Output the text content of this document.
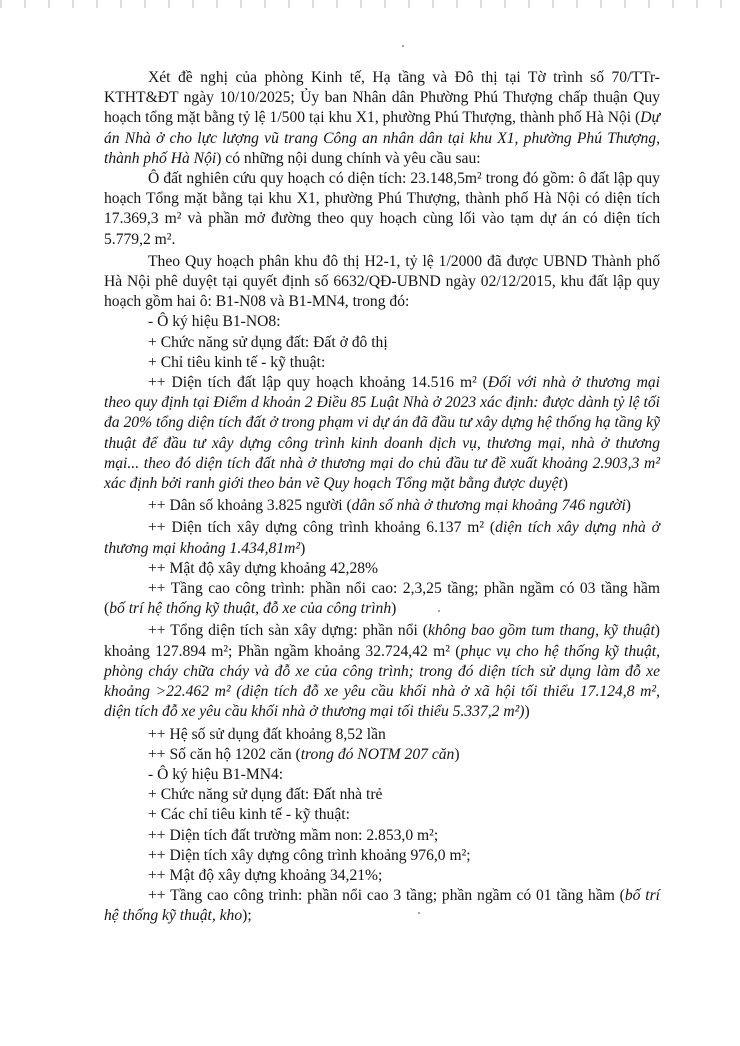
Xét đề nghị của phòng Kinh tế, Hạ tầng và Đô thị tại Tờ trình số 70/TTr-KTHT&ĐT ngày 10/10/2025; Ủy ban Nhân dân Phường Phú Thượng chấp thuận Quy hoạch tổng mặt bằng tỷ lệ 1/500 tại khu X1, phường Phú Thượng, thành phố Hà Nội (Dự án Nhà ở cho lực lượng vũ trang Công an nhân dân tại khu X1, phường Phú Thượng, thành phố Hà Nội) có những nội dung chính và yêu cầu sau:

Ô đất nghiên cứu quy hoạch có diện tích: 23.148,5m² trong đó gồm: ô đất lập quy hoạch Tổng mặt bằng tại khu X1, phường Phú Thượng, thành phố Hà Nội có diện tích 17.369,3 m² và phần mở đường theo quy hoạch cùng lối vào tạm dự án có diện tích 5.779,2 m².

Theo Quy hoạch phân khu đô thị H2-1, tỷ lệ 1/2000 đã được UBND Thành phố Hà Nội phê duyệt tại quyết định số 6632/QĐ-UBND ngày 02/12/2015, khu đất lập quy hoạch gồm hai ô: B1-N08 và B1-MN4, trong đó:

- Ô ký hiệu B1-NO8:

+ Chức năng sử dụng đất: Đất ở đô thị

+ Chỉ tiêu kinh tế - kỹ thuật:

++ Diện tích đất lập quy hoạch khoảng 14.516 m² (Đối với nhà ở thương mại theo quy định tại Điểm d khoản 2 Điều 85 Luật Nhà ở 2023 xác định: được dành tỷ lệ tối đa 20% tổng diện tích đất ở trong phạm vi dự án đã đầu tư xây dựng hệ thống hạ tầng kỹ thuật để đầu tư xây dựng công trình kinh doanh dịch vụ, thương mại, nhà ở thương mại... theo đó diện tích đất nhà ở thương mại do chủ đầu tư đề xuất khoảng 2.903,3 m² xác định bởi ranh giới theo bản vẽ Quy hoạch Tổng mặt bằng được duyệt)

++ Dân số khoảng 3.825 người (dân số nhà ở thương mại khoảng 746 người)

++ Diện tích xây dựng công trình khoảng 6.137 m² (diện tích xây dựng nhà ở thương mại khoảng 1.434,81m²)

++ Mật độ xây dựng khoảng 42,28%

++ Tầng cao công trình: phần nổi cao: 2,3,25 tầng; phần ngầm có 03 tầng hầm (bố trí hệ thống kỹ thuật, đỗ xe của công trình)

++ Tổng diện tích sàn xây dựng: phần nổi (không bao gồm tum thang, kỹ thuật) khoảng 127.894 m²; Phần ngầm khoảng 32.724,42 m² (phục vụ cho hệ thống kỹ thuật, phòng cháy chữa cháy và đỗ xe của công trình; trong đó diện tích sử dụng làm đỗ xe khoảng >22.462 m² (diện tích đỗ xe yêu cầu khối nhà ở xã hội tối thiểu 17.124,8 m², diện tích đỗ xe yêu cầu khối nhà ở thương mại tối thiểu 5.337,2 m²))

++ Hệ số sử dụng đất khoảng 8,52 lần

++ Số căn hộ 1202 căn (trong đó NOTM 207 căn)

- Ô ký hiệu B1-MN4:

+ Chức năng sử dụng đất: Đất nhà trẻ

+ Các chỉ tiêu kinh tế - kỹ thuật:

++ Diện tích đất trường mầm non: 2.853,0 m²;

++ Diện tích xây dựng công trình khoảng 976,0 m²;

++ Mật độ xây dựng khoảng 34,21%;

++ Tầng cao công trình: phần nổi cao 3 tầng; phần ngầm có 01 tầng hầm (bố trí hệ thống kỹ thuật, kho);
